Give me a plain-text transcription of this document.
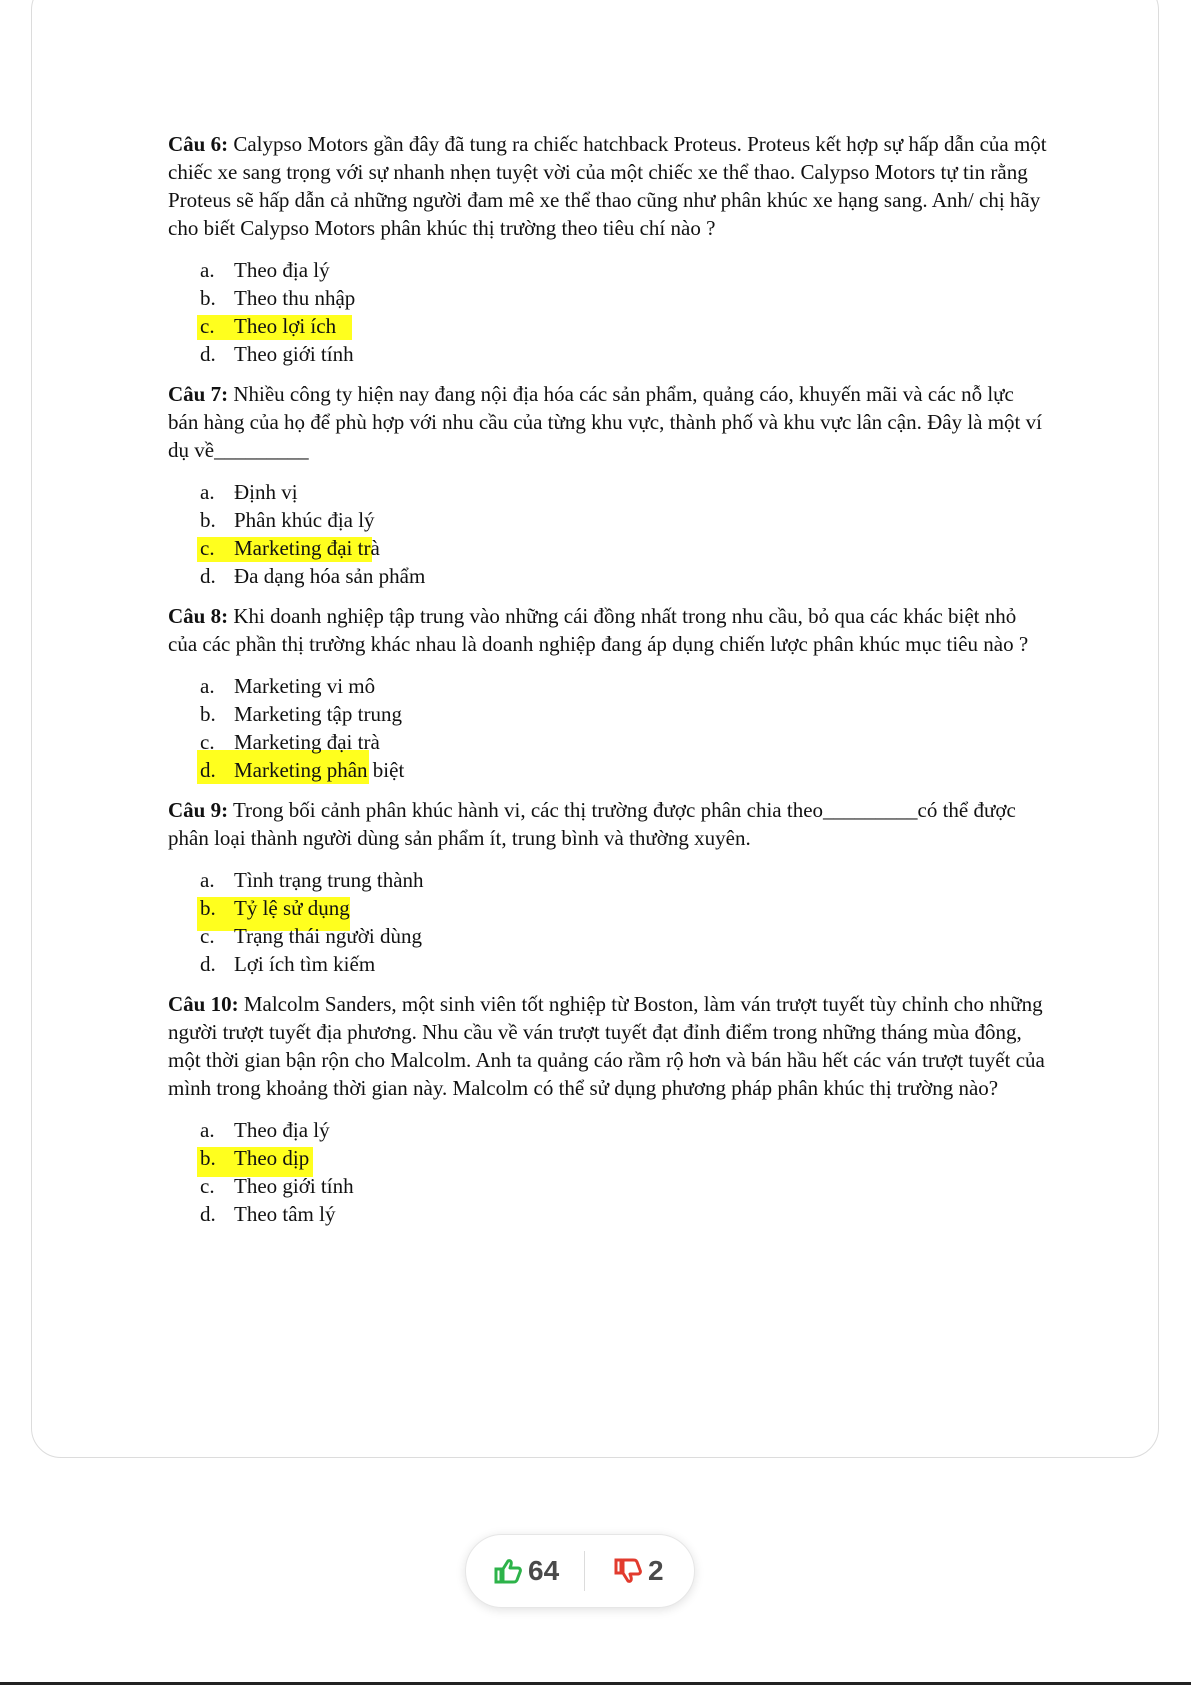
Câu 6: Calypso Motors gần đây đã tung ra chiếc hatchback Proteus. Proteus kết hợp sự hấp dẫn của một chiếc xe sang trọng với sự nhanh nhẹn tuyệt vời của một chiếc xe thể thao. Calypso Motors tự tin rằng Proteus sẽ hấp dẫn cả những người đam mê xe thể thao cũng như phân khúc xe hạng sang. Anh/ chị hãy cho biết Calypso Motors phân khúc thị trường theo tiêu chí nào ?

a. Theo địa lý
b. Theo thu nhập
c. Theo lợi ích
d. Theo giới tính

Câu 7: Nhiều công ty hiện nay đang nội địa hóa các sản phẩm, quảng cáo, khuyến mãi và các nỗ lực bán hàng của họ để phù hợp với nhu cầu của từng khu vực, thành phố và khu vực lân cận. Đây là một ví dụ về_________

a. Định vị
b. Phân khúc địa lý
c. Marketing đại trà
d. Đa dạng hóa sản phẩm

Câu 8: Khi doanh nghiệp tập trung vào những cái đồng nhất trong nhu cầu, bỏ qua các khác biệt nhỏ của các phần thị trường khác nhau là doanh nghiệp đang áp dụng chiến lược phân khúc mục tiêu nào ?

a. Marketing vi mô
b. Marketing tập trung
c. Marketing đại trà
d. Marketing phân biệt

Câu 9: Trong bối cảnh phân khúc hành vi, các thị trường được phân chia theo_________có thể được phân loại thành người dùng sản phẩm ít, trung bình và thường xuyên.

a. Tình trạng trung thành
b. Tỷ lệ sử dụng
c. Trạng thái người dùng
d. Lợi ích tìm kiếm

Câu 10: Malcolm Sanders, một sinh viên tốt nghiệp từ Boston, làm ván trượt tuyết tùy chỉnh cho những người trượt tuyết địa phương. Nhu cầu về ván trượt tuyết đạt đỉnh điểm trong những tháng mùa đông, một thời gian bận rộn cho Malcolm. Anh ta quảng cáo rầm rộ hơn và bán hầu hết các ván trượt tuyết của mình trong khoảng thời gian này. Malcolm có thể sử dụng phương pháp phân khúc thị trường nào?

a. Theo địa lý
b. Theo dịp
c. Theo giới tính
d. Theo tâm lý
64	2
